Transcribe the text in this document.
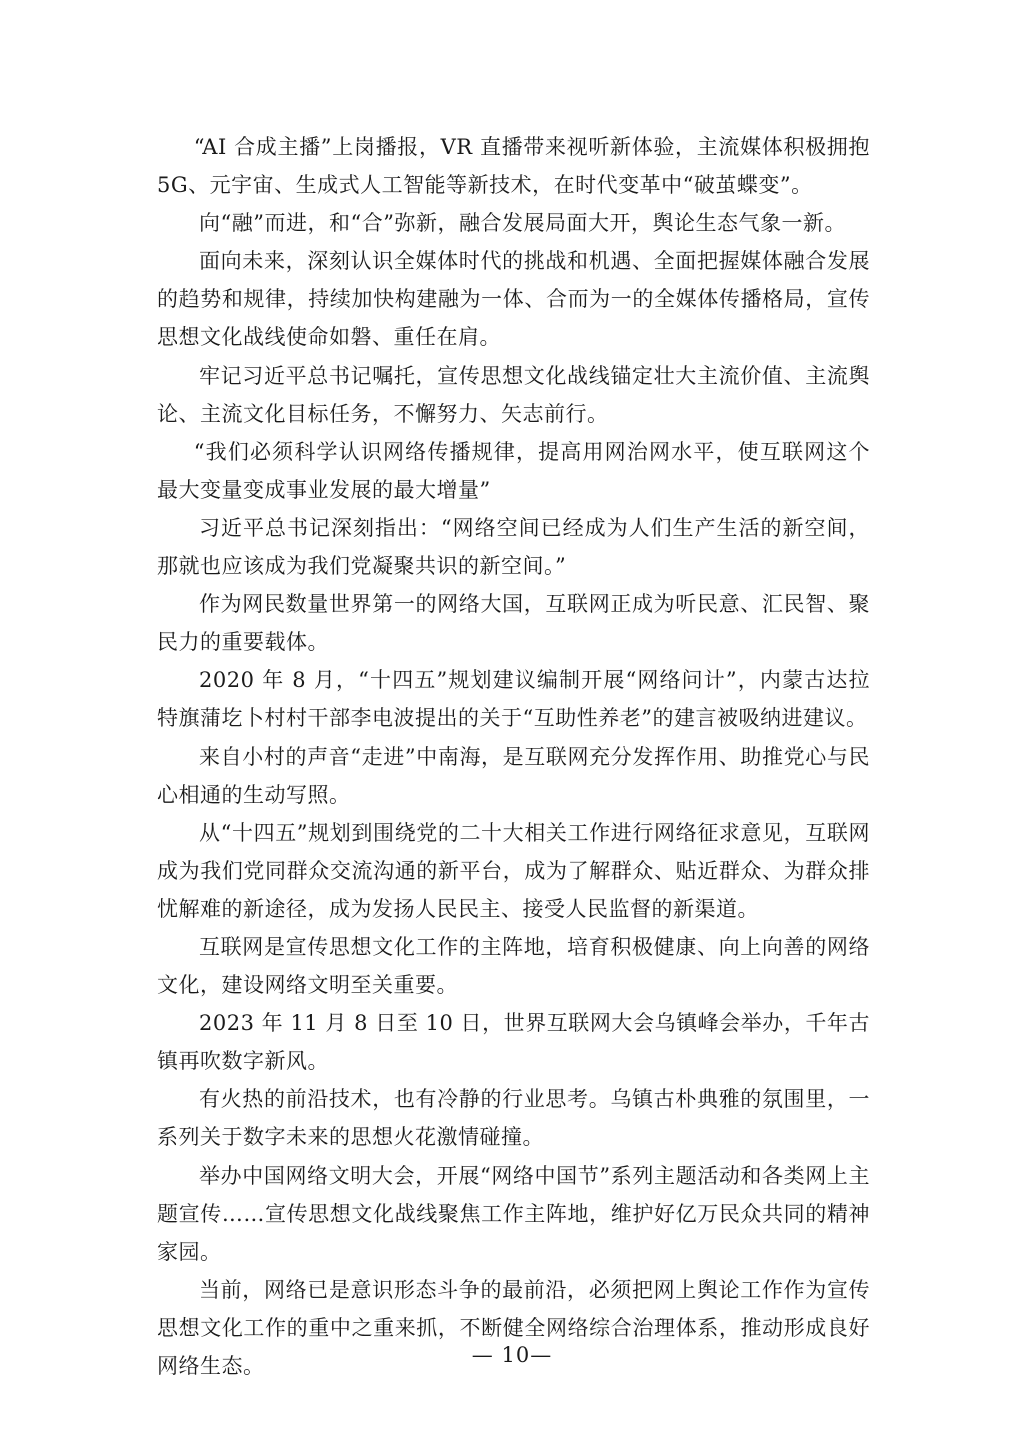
“AI 合成主播”上岗播报，VR 直播带来视听新体验，主流媒体积极拥抱 5G、元宇宙、生成式人工智能等新技术，在时代变革中“破茧蝶变”。

向“融”而进，和“合”弥新，融合发展局面大开，舆论生态气象一新。

面向未来，深刻认识全媒体时代的挑战和机遇、全面把握媒体融合发展的趋势和规律，持续加快构建融为一体、合而为一的全媒体传播格局，宣传思想文化战线使命如磐、重任在肩。

牢记习近平总书记嘱托，宣传思想文化战线锚定壮大主流价值、主流舆论、主流文化目标任务，不懈努力、矢志前行。

“我们必须科学认识网络传播规律，提高用网治网水平，使互联网这个最大变量变成事业发展的最大增量”

习近平总书记深刻指出：“网络空间已经成为人们生产生活的新空间，那就也应该成为我们党凝聚共识的新空间。”

作为网民数量世界第一的网络大国，互联网正成为听民意、汇民智、聚民力的重要载体。

2020 年 8 月，“十四五”规划建议编制开展“网络问计”，内蒙古达拉特旗蒲圪卜村村干部李电波提出的关于“互助性养老”的建言被吸纳进建议。

来自小村的声音“走进”中南海，是互联网充分发挥作用、助推党心与民心相通的生动写照。

从“十四五”规划到围绕党的二十大相关工作进行网络征求意见，互联网成为我们党同群众交流沟通的新平台，成为了解群众、贴近群众、为群众排忧解难的新途径，成为发扬人民民主、接受人民监督的新渠道。

互联网是宣传思想文化工作的主阵地，培育积极健康、向上向善的网络文化，建设网络文明至关重要。

2023 年 11 月 8 日至 10 日，世界互联网大会乌镇峰会举办，千年古镇再吹数字新风。

有火热的前沿技术，也有冷静的行业思考。乌镇古朴典雅的氛围里，一系列关于数字未来的思想火花激情碰撞。

举办中国网络文明大会，开展“网络中国节”系列主题活动和各类网上主题宣传……宣传思想文化战线聚焦工作主阵地，维护好亿万民众共同的精神家园。

当前，网络已是意识形态斗争的最前沿，必须把网上舆论工作作为宣传思想文化工作的重中之重来抓，不断健全网络综合治理体系，推动形成良好网络生态。	— 10—
